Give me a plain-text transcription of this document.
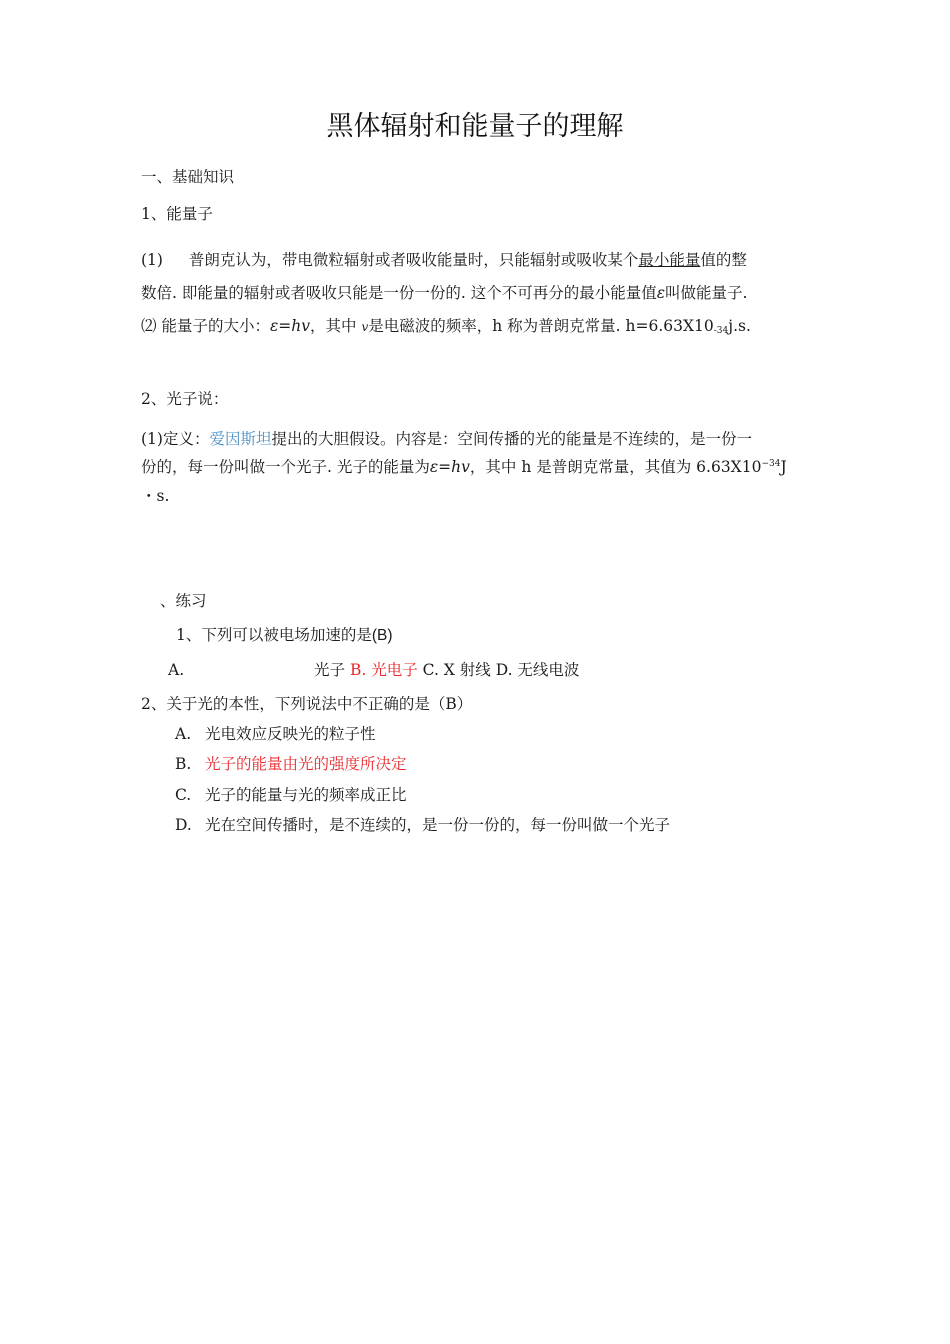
黑体辐射和能量子的理解
一、基础知识
1、能量子
(1) 普朗克认为，带电微粒辐射或者吸收能量时，只能辐射或吸收某个最小能量值的整
数倍. 即能量的辐射或者吸收只能是一份一份的. 这个不可再分的最小能量值ε叫做能量子.
⑵ 能量子的大小：ε=hv，其中 v是电磁波的频率，h 称为普朗克常量. h=6.63X10-34j.s.
2、光子说：
(1)定义：爱因斯坦提出的大胆假设。内容是：空间传播的光的能量是不连续的，是一份一
份的，每一份叫做一个光子. 光子的能量为ε=hv，其中 h 是普朗克常量，其值为 $6.63X10^{-34}J$
・s.
、练习
1、下列可以被电场加速的是(B)
A.	光子 B. 光电子 C. X 射线 D. 无线电波
2、关于光的本性，下列说法中不正确的是（B）
A. 光电效应反映光的粒子性
B. 光子的能量由光的强度所决定
C. 光子的能量与光的频率成正比
D. 光在空间传播时，是不连续的，是一份一份的，每一份叫做一个光子
